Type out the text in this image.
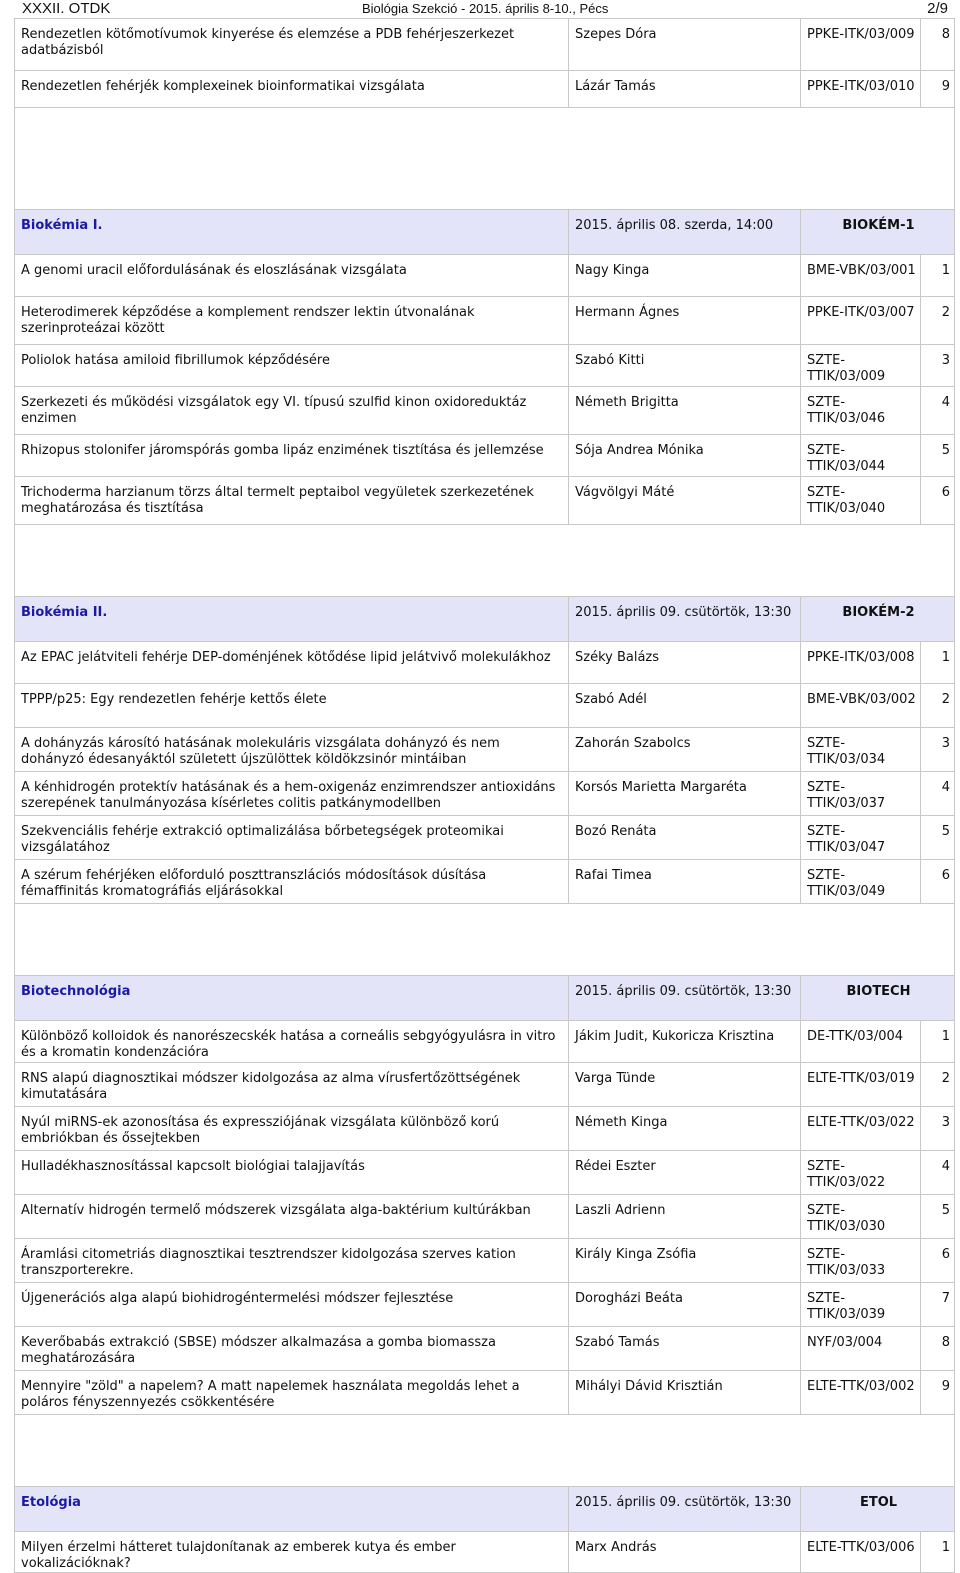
XXXII. OTDK	Biológia Szekció - 2015. április 8-10., Pécs	2/9
Rendezetlen kötőmotívumok kinyerése és elemzése a PDB fehérjeszerkezet adatbázisból	Szepes Dóra	PPKE-ITK/03/009	8
Rendezetlen fehérjék komplexeinek bioinformatikai vizsgálata	Lázár Tamás	PPKE-ITK/03/010	9

Biokémia I.	2015. április 08. szerda, 14:00	BIOKÉM-1	
A genomi uracil előfordulásának és eloszlásának vizsgálata	Nagy Kinga	BME-VBK/03/001	1
Heterodimerek képződése a komplement rendszer lektin útvonalának szerinproteázai között	Hermann Ágnes	PPKE-ITK/03/007	2
Poliolok hatása amiloid fibrillumok képződésére	Szabó Kitti	SZTE-TTIK/03/009	3
Szerkezeti és működési vizsgálatok egy VI. típusú szulfid kinon oxidoreduktáz enzimen	Németh Brigitta	SZTE-TTIK/03/046	4
Rhizopus stolonifer járomspórás gomba lipáz enzimének tisztítása és jellemzése	Sója Andrea Mónika	SZTE-TTIK/03/044	5
Trichoderma harzianum törzs által termelt peptaibol vegyületek szerkezetének meghatározása és tisztítása	Vágvölgyi Máté	SZTE-TTIK/03/040	6

Biokémia II.	2015. április 09. csütörtök, 13:30	BIOKÉM-2	
Az EPAC jelátviteli fehérje DEP-doménjének kötődése lipid jelátvivő molekulákhoz	Széky Balázs	PPKE-ITK/03/008	1
TPPP/p25: Egy rendezetlen fehérje kettős élete	Szabó Adél	BME-VBK/03/002	2
A dohányzás károsító hatásának molekuláris vizsgálata dohányzó és nem dohányzó édesanyáktól született újszülöttek köldökzsinór mintáiban	Zahorán Szabolcs	SZTE-TTIK/03/034	3
A kénhidrogén protektív hatásának és a hem-oxigenáz enzimrendszer antioxidáns szerepének tanulmányozása kísérletes colitis patkánymodellben	Korsós Marietta Margaréta	SZTE-TTIK/03/037	4
Szekvenciális fehérje extrakció optimalizálása bőrbetegségek proteomikai vizsgálatához	Bozó Renáta	SZTE-TTIK/03/047	5
A szérum fehérjéken előforduló poszttranszlációs módosítások dúsítása fémaffinitás kromatográfiás eljárásokkal	Rafai Timea	SZTE-TTIK/03/049	6

Biotechnológia	2015. április 09. csütörtök, 13:30	BIOTECH	
Különböző kolloidok és nanorészecskék hatása a corneális sebgyógyulásra in vitro és a kromatin kondenzációra	Jákim Judit, Kukoricza Krisztina	DE-TTK/03/004	1
RNS alapú diagnosztikai módszer kidolgozása az alma vírusfertőzöttségének kimutatására	Varga Tünde	ELTE-TTK/03/019	2
Nyúl miRNS-ek azonosítása és expressziójának vizsgálata különböző korú embriókban és őssejtekben	Németh Kinga	ELTE-TTK/03/022	3
Hulladékhasznosítással kapcsolt biológiai talajjavítás	Rédei Eszter	SZTE-TTIK/03/022	4
Alternatív hidrogén termelő módszerek vizsgálata alga-baktérium kultúrákban	Laszli Adrienn	SZTE-TTIK/03/030	5
Áramlási citometriás diagnosztikai tesztrendszer kidolgozása szerves kation transzporterekre.	Király Kinga Zsófia	SZTE-TTIK/03/033	6
Újgenerációs alga alapú biohidrogéntermelési módszer fejlesztése	Dorogházi Beáta	SZTE-TTIK/03/039	7
Keverőbabás extrakció (SBSE) módszer alkalmazása a gomba biomassza meghatározására	Szabó Tamás	NYF/03/004	8
Mennyire "zöld" a napelem? A matt napelemek használata megoldás lehet a poláros fényszennyezés csökkentésére	Mihályi Dávid Krisztián	ELTE-TTK/03/002	9

Etológia	2015. április 09. csütörtök, 13:30	ETOL	
Milyen érzelmi hátteret tulajdonítanak az emberek kutya és ember vokalizációknak?	Marx András	ELTE-TTK/03/006	1
